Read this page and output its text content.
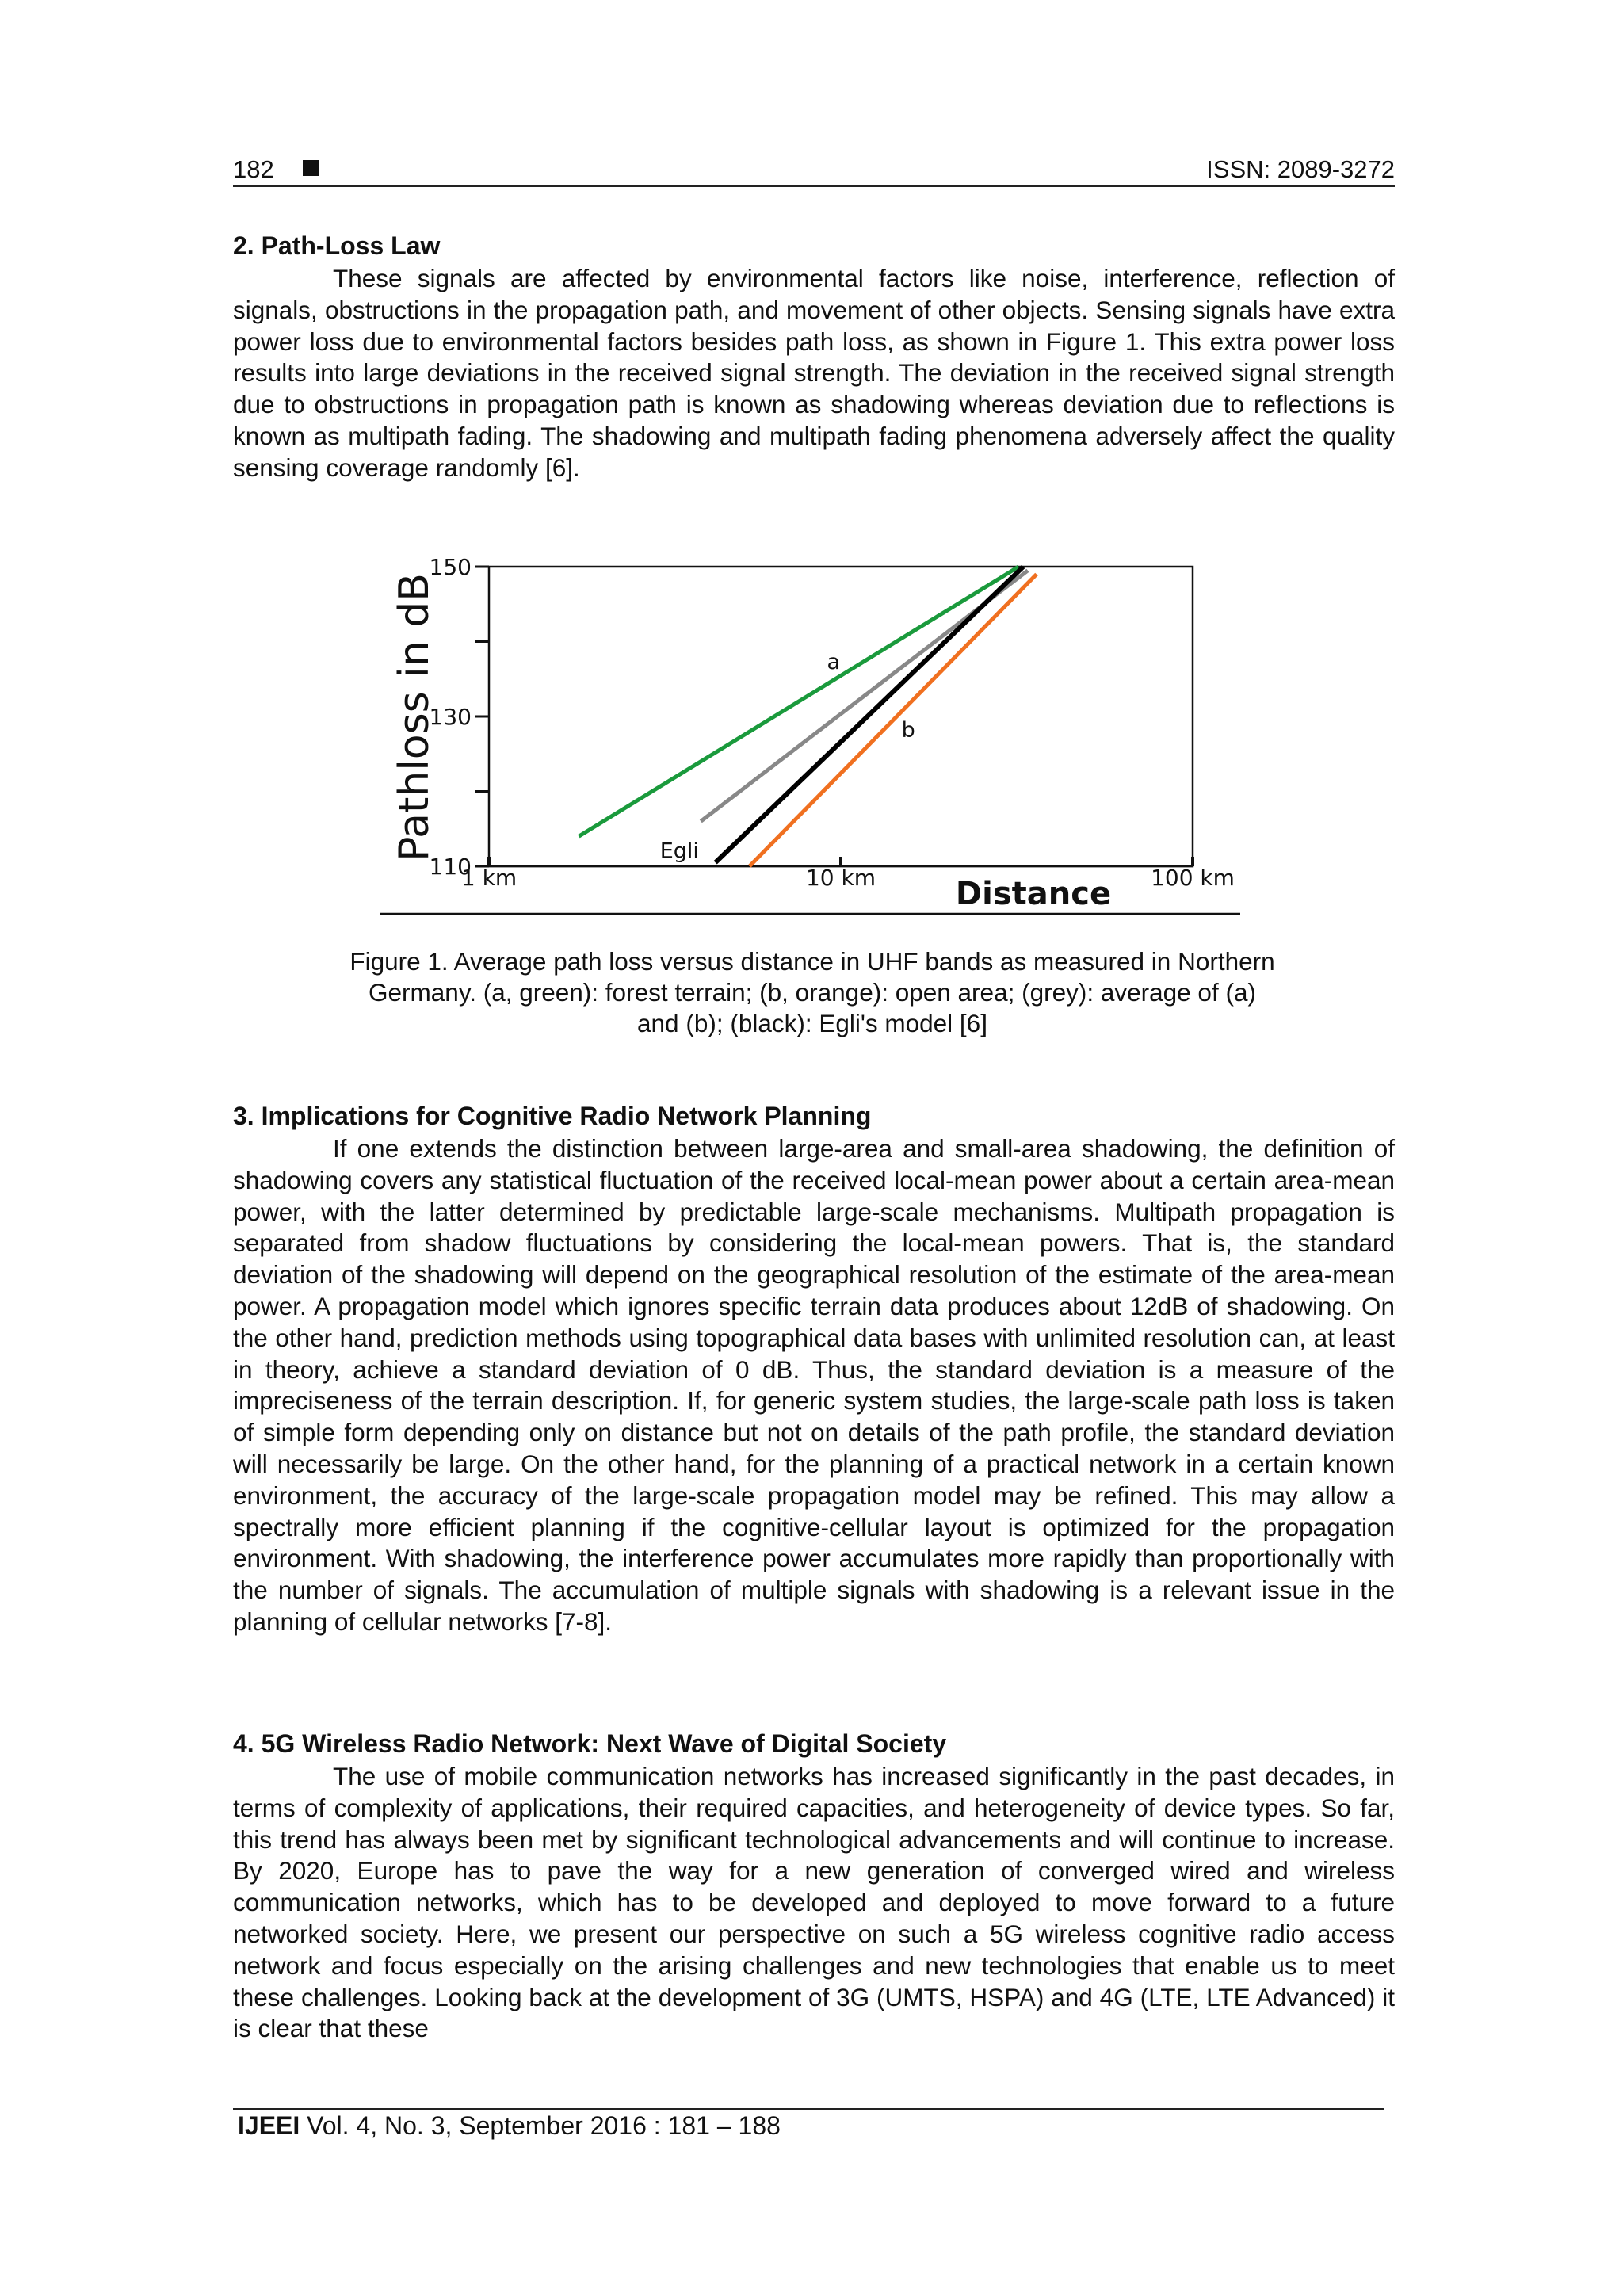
182	ISSN: 2089-3272
2. Path-Loss Law

These signals are affected by environmental factors like noise, interference, reflection of signals, obstructions in the propagation path, and movement of other objects. Sensing signals have extra power loss due to environmental factors besides path loss, as shown in Figure 1. This extra power loss results into large deviations in the received signal strength. The deviation in the received signal strength due to obstructions in propagation path is known as shadowing whereas deviation due to reflections is known as multipath fading. The shadowing and multipath fading phenomena adversely affect the quality sensing coverage randomly [6].

110
130
150
1 km	10 km	100 km
a
Egli
b
Pathloss in dB
Distance
Figure 1. Average path loss versus distance in UHF bands as measured in Northern Germany. (a, green): forest terrain; (b, orange): open area; (grey): average of (a) and (b); (black): Egli's model [6]
3. Implications for Cognitive Radio Network Planning

If one extends the distinction between large-area and small-area shadowing, the definition of shadowing covers any statistical fluctuation of the received local-mean power about a certain area-mean power, with the latter determined by predictable large-scale mechanisms. Multipath propagation is separated from shadow fluctuations by considering the local-mean powers. That is, the standard deviation of the shadowing will depend on the geographical resolution of the estimate of the area-mean power. A propagation model which ignores specific terrain data produces about 12dB of shadowing. On the other hand, prediction methods using topographical data bases with unlimited resolution can, at least in theory, achieve a standard deviation of 0 dB. Thus, the standard deviation is a measure of the impreciseness of the terrain description. If, for generic system studies, the large-scale path loss is taken of simple form depending only on distance but not on details of the path profile, the standard deviation will necessarily be large. On the other hand, for the planning of a practical network in a certain known environment, the accuracy of the large-scale propagation model may be refined. This may allow a spectrally more efficient planning if the cognitive-cellular layout is optimized for the propagation environment. With shadowing, the interference power accumulates more rapidly than proportionally with the number of signals. The accumulation of multiple signals with shadowing is a relevant issue in the planning of cellular networks [7-8].

4. 5G Wireless Radio Network: Next Wave of Digital Society

The use of mobile communication networks has increased significantly in the past decades, in terms of complexity of applications, their required capacities, and heterogeneity of device types. So far, this trend has always been met by significant technological advancements and will continue to increase. By 2020, Europe has to pave the way for a new generation of converged wired and wireless communication networks, which has to be developed and deployed to move forward to a future networked society. Here, we present our perspective on such a 5G wireless cognitive radio access network and focus especially on the arising challenges and new technologies that enable us to meet these challenges. Looking back at the development of 3G (UMTS, HSPA) and 4G (LTE, LTE Advanced) it is clear that these

IJEEI Vol. 4, No. 3, September 2016 : 181 – 188
